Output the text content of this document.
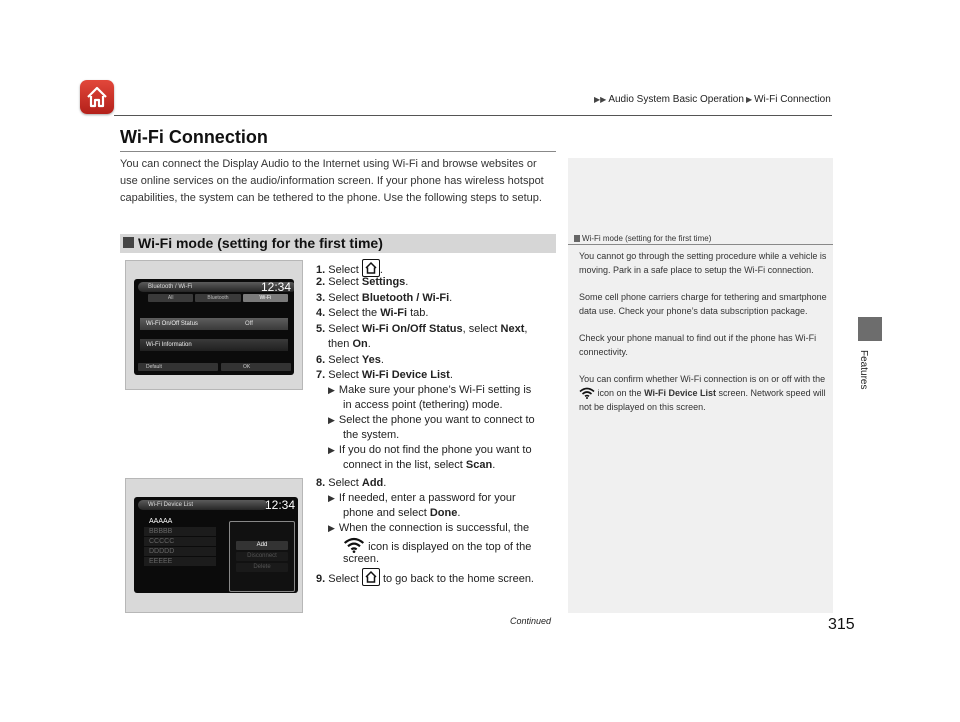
▶▶ Audio System Basic Operation ▶ Wi-Fi Connection
Features
Wi-Fi Connection
You can connect the Display Audio to the Internet using Wi-Fi and browse websites or use online services on the audio/information screen. If your phone has wireless hotspot capabilities, the system can be tethered to the phone. Use the following steps to setup.
Wi-Fi mode (setting for the first time)	Wi-Fi mode (setting for the first time)

You cannot go through the setting procedure while a vehicle is moving. Park in a safe place to setup the Wi-Fi connection.

Some cell phone carriers charge for tethering and smartphone data use. Check your phone’s data subscription package.

Check your phone manual to find out if the phone has Wi-Fi connectivity.

You can confirm whether Wi-Fi connection is on or off with the  icon on the Wi-Fi Device List screen. Network speed will not be displayed on this screen.

Bluetooth / Wi-Fi	12:34
All	Bluetooth	Wi-Fi
Wi-Fi On/Off Status	Off
Wi-Fi Information
Default	OK
Wi-Fi Device List	12:34
AAAAA
BBBBB
CCCCC
DDDDD
EEEEE
Add
Disconnect
Delete
1. Select .
2. Select Settings.
3. Select Bluetooth / Wi-Fi.
4. Select the Wi-Fi tab.
5. Select Wi-Fi On/Off Status, select Next,
then On.
6. Select Yes.
7. Select Wi-Fi Device List.
▶ Make sure your phone’s Wi-Fi setting is
in access point (tethering) mode.
▶ Select the phone you want to connect to
the system.
▶ If you do not find the phone you want to
connect in the list, select Scan.
8. Select Add.
▶ If needed, enter a password for your
phone and select Done.
▶ When the connection is successful, the
icon is displayed on the top of the
screen.
9. Select to go back to the home screen.
Continued	315
